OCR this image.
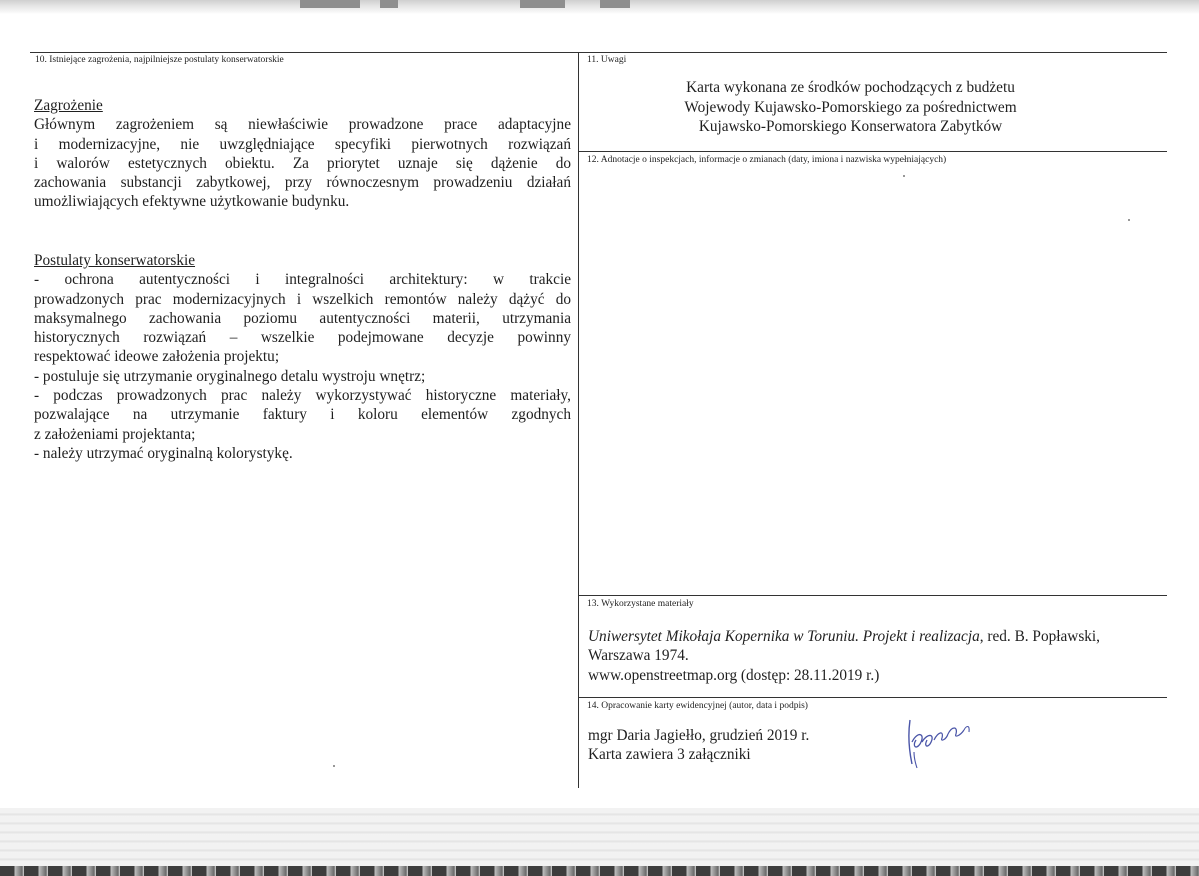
10. Istniejące zagrożenia, najpilniejsze postulaty konserwatorskie
Zagrożenie
Głównym zagrożeniem są niewłaściwie prowadzone prace adaptacyjne
i modernizacyjne, nie uwzględniające specyfiki pierwotnych rozwiązań
i walorów estetycznych obiektu. Za priorytet uznaje się dążenie do
zachowania substancji zabytkowej, przy równoczesnym prowadzeniu działań
umożliwiających efektywne użytkowanie budynku.
Postulaty konserwatorskie
- ochrona autentyczności i integralności architektury: w trakcie
prowadzonych prac modernizacyjnych i wszelkich remontów należy dążyć do
maksymalnego zachowania poziomu autentyczności materii, utrzymania
historycznych rozwiązań – wszelkie podejmowane decyzje powinny
respektować ideowe założenia projektu;
- postuluje się utrzymanie oryginalnego detalu wystroju wnętrz;
- podczas prowadzonych prac należy wykorzystywać historyczne materiały,
pozwalające na utrzymanie faktury i koloru elementów zgodnych
z założeniami projektanta;
- należy utrzymać oryginalną kolorystykę.
11. Uwagi
Karta wykonana ze środków pochodzących z budżetu
Wojewody Kujawsko-Pomorskiego za pośrednictwem
Kujawsko-Pomorskiego Konserwatora Zabytków
12. Adnotacje o inspekcjach, informacje o zmianach (daty, imiona i nazwiska wypełniających)
13. Wykorzystane materiały
Uniwersytet Mikołaja Kopernika w Toruniu. Projekt i realizacja, red. B. Popławski,
Warszawa 1974.
www.openstreetmap.org (dostęp: 28.11.2019 r.)
14. Opracowanie karty ewidencyjnej (autor, data i podpis)
mgr Daria Jagiełło, grudzień 2019 r.
Karta zawiera 3 załączniki
